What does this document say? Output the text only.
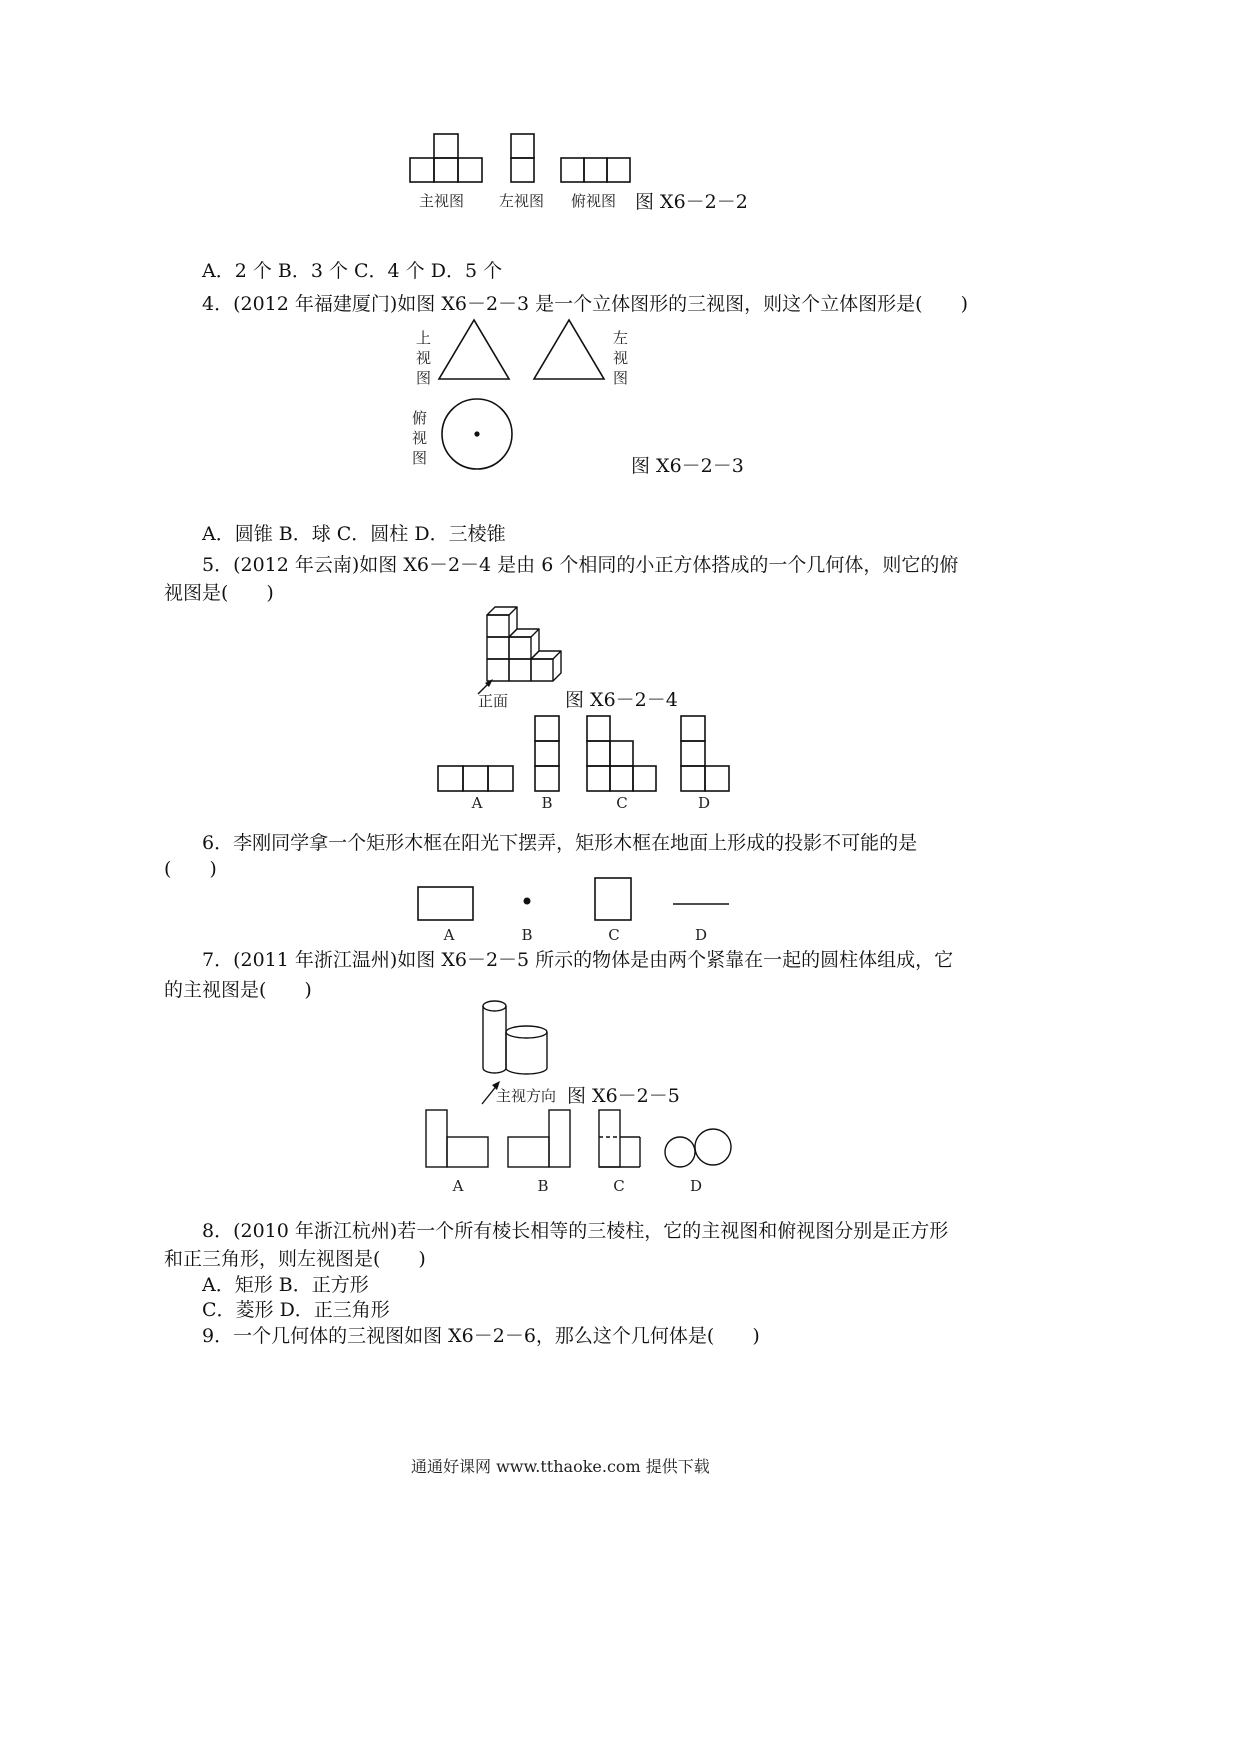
主视图 左视图 俯视图 图 X6－2－2
A．2 个 B．3 个 C．4 个 D．5 个
4．(2012 年福建厦门)如图 X6－2－3 是一个立体图形的三视图，则这个立体图形是(　　)
上视图
左视图
俯视图	图 X6－2－3
A．圆锥 B．球 C．圆柱 D．三棱锥
5．(2012 年云南)如图 X6－2－4 是由 6 个相同的小正方体搭成的一个几何体，则它的俯
视图是(　　)
正面	图 X6－2－4
A	B	C	D
6．李刚同学拿一个矩形木框在阳光下摆弄，矩形木框在地面上形成的投影不可能的是
(　　)
A	B	C	D
7．(2011 年浙江温州)如图 X6－2－5 所示的物体是由两个紧靠在一起的圆柱体组成，它
的主视图是(　　)
主视方向 图 X6－2－5
A	B	C	D
8．(2010 年浙江杭州)若一个所有棱长相等的三棱柱，它的主视图和俯视图分别是正方形
和正三角形，则左视图是(　　)
A．矩形 B．正方形
C．菱形 D．正三角形
9．一个几何体的三视图如图 X6－2－6，那么这个几何体是(　　)
通通好课网 www.tthaoke.com 提供下载
